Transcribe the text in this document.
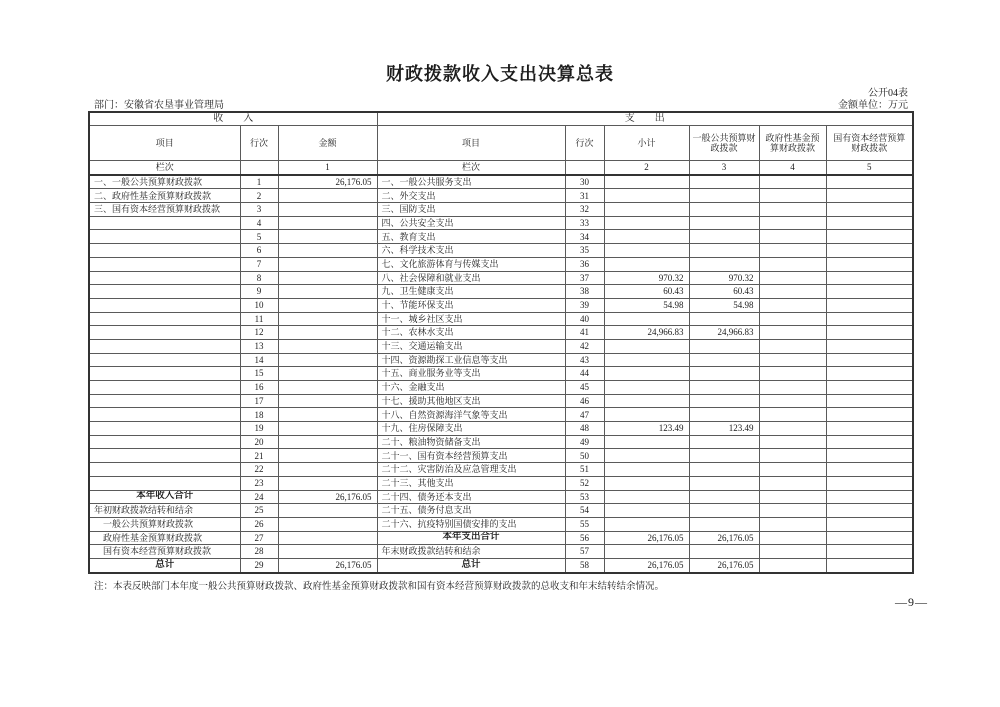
财政拨款收入支出决算总表
公开04表
部门：安徽省农垦事业管理局	金额单位：万元
收　　入			支　　出					
项目	行次	金额	项目	行次	小计	一般公共预算财政拨款	政府性基金预算财政拨款	国有资本经营预算财政拨款
栏次		1	栏次		2	3	4	5
一、一般公共预算财政拨款	1	26,176.05	一、一般公共服务支出	30				
二、政府性基金预算财政拨款	2		二、外交支出	31				
三、国有资本经营预算财政拨款	3		三、国防支出	32				
	4		四、公共安全支出	33				
	5		五、教育支出	34				
	6		六、科学技术支出	35				
	7		七、文化旅游体育与传媒支出	36				
	8		八、社会保障和就业支出	37	970.32	970.32		
	9		九、卫生健康支出	38	60.43	60.43		
	10		十、节能环保支出	39	54.98	54.98		
	11		十一、城乡社区支出	40				
	12		十二、农林水支出	41	24,966.83	24,966.83		
	13		十三、交通运输支出	42				
	14		十四、资源勘探工业信息等支出	43				
	15		十五、商业服务业等支出	44				
	16		十六、金融支出	45				
	17		十七、援助其他地区支出	46				
	18		十八、自然资源海洋气象等支出	47				
	19		十九、住房保障支出	48	123.49	123.49		
	20		二十、粮油物资储备支出	49				
	21		二十一、国有资本经营预算支出	50				
	22		二十二、灾害防治及应急管理支出	51				
	23		二十三、其他支出	52				
本年收入合计	24	26,176.05	二十四、债务还本支出	53				
年初财政拨款结转和结余	25		二十五、债务付息支出	54				
一般公共预算财政拨款	26		二十六、抗疫特别国债安排的支出	55				
政府性基金预算财政拨款	27		本年支出合计	56	26,176.05	26,176.05		
国有资本经营预算财政拨款	28		年末财政拨款结转和结余	57				
总计	29	26,176.05	总计	58	26,176.05	26,176.05		
注：本表反映部门本年度一般公共预算财政拨款、政府性基金预算财政拨款和国有资本经营预算财政拨款的总收支和年末结转结余情况。
—9—
